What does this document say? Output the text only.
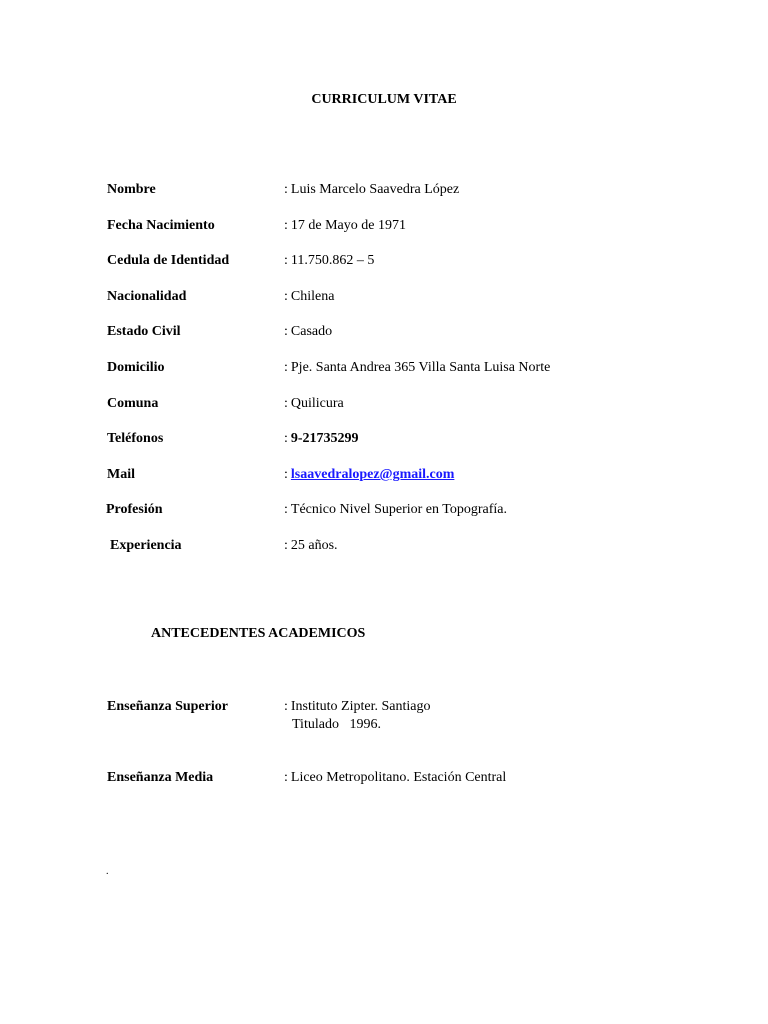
CURRICULUM VITAE
Nombre	: Luis Marcelo Saavedra López
Fecha Nacimiento	: 17 de Mayo de 1971
Cedula de Identidad	: 11.750.862 – 5
Nacionalidad	: Chilena
Estado Civil	: Casado
Domicilio	: Pje. Santa Andrea 365 Villa Santa Luisa Norte
Comuna	: Quilicura
Teléfonos	: 9-21735299
Mail	: lsaavedralopez@gmail.com
Profesión	: Técnico Nivel Superior en Topografía.
Experiencia	: 25 años.
ANTECEDENTES ACADEMICOS
Enseñanza Superior	: Instituto Zipter. Santiago
Titulado   1996.
Enseñanza Media	: Liceo Metropolitano. Estación Central
.
